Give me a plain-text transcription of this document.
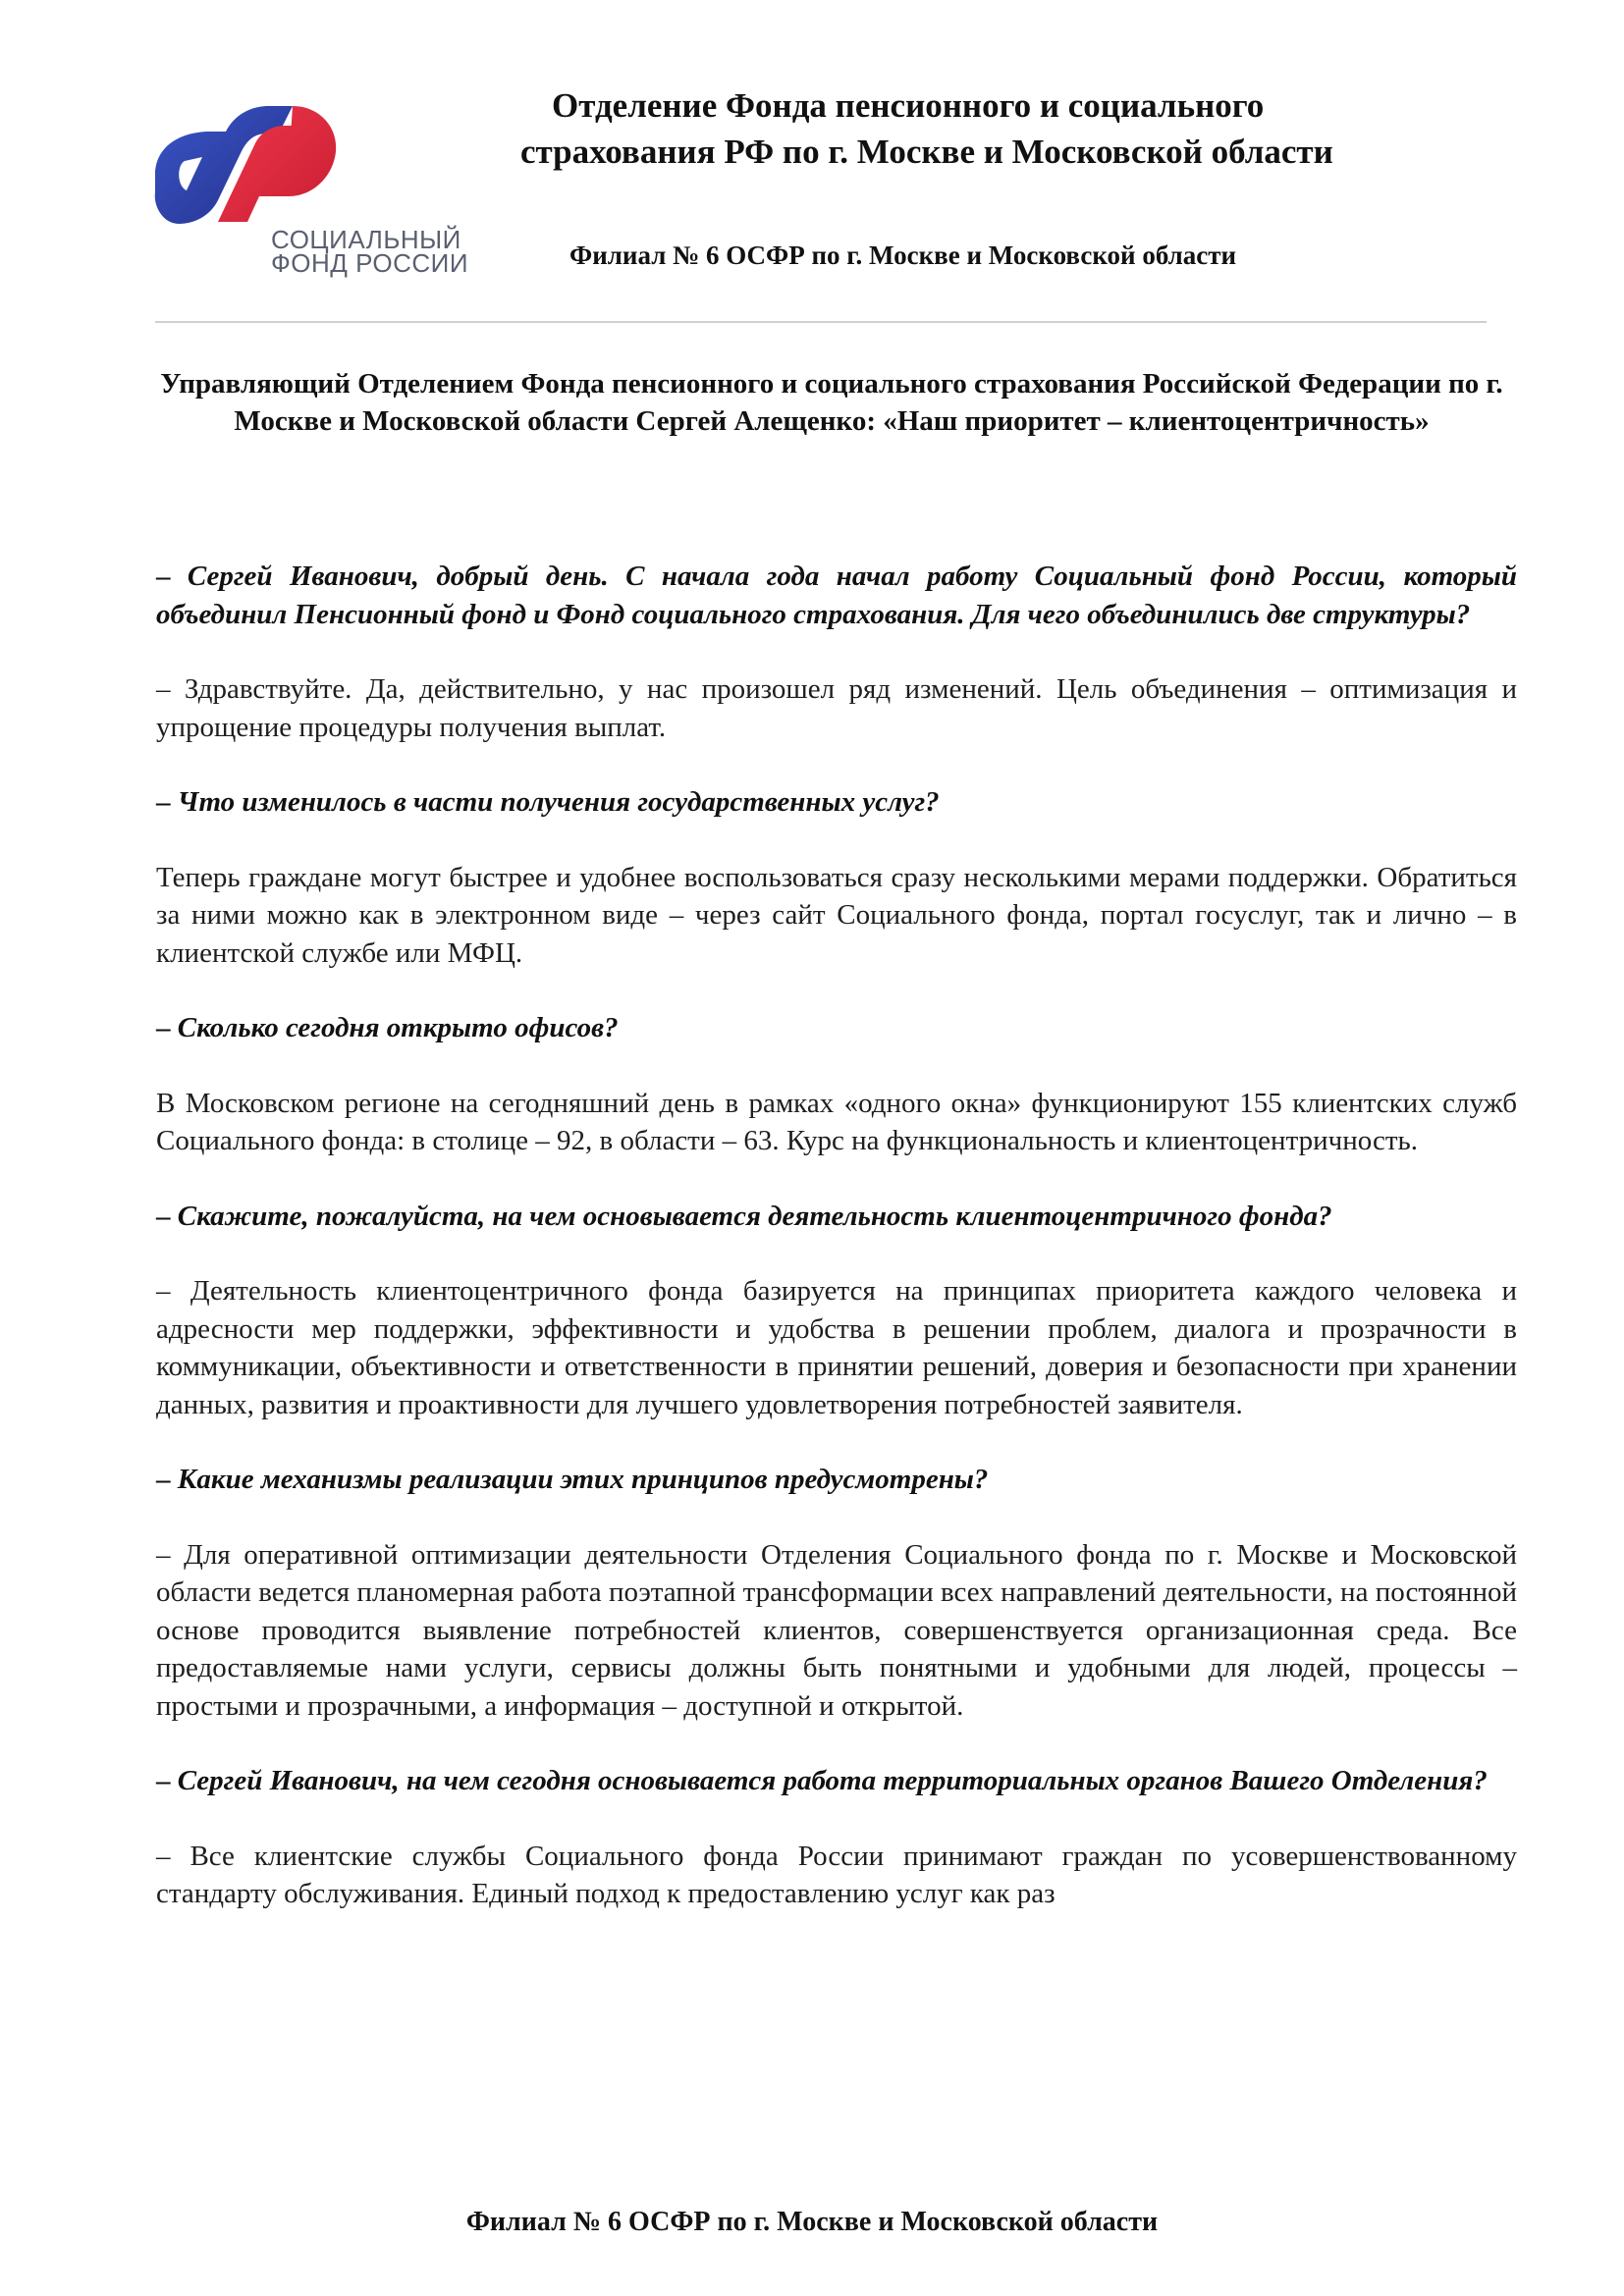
СОЦИАЛЬНЫЙ
ФОНД РОССИИ
Отделение Фонда пенсионного и социального
страхования РФ по г. Москве и Московской области
Филиал № 6 ОСФР по г. Москве и Московской области
Управляющий Отделением Фонда пенсионного и социального страхования Российской Федерации по г. Москве и Московской области Сергей Алещенко: «Наш приоритет – клиентоцентричность»

– Сергей Иванович, добрый день. С начала года начал работу Социальный фонд России, который объединил Пенсионный фонд и Фонд социального страхования. Для чего объединились две структуры?

– Здравствуйте. Да, действительно, у нас произошел ряд изменений. Цель объединения – оптимизация и упрощение процедуры получения выплат.

– Что изменилось в части получения государственных услуг?

Теперь граждане могут быстрее и удобнее воспользоваться сразу несколькими мерами поддержки. Обратиться за ними можно как в электронном виде – через сайт Социального фонда, портал госуслуг, так и лично – в клиентской службе или МФЦ.

– Сколько сегодня открыто офисов?

В Московском регионе на сегодняшний день в рамках «одного окна» функционируют 155 клиентских служб Социального фонда: в столице – 92, в области – 63. Курс на функциональность и клиентоцентричность.

– Скажите, пожалуйста, на чем основывается деятельность клиентоцентричного фонда?

– Деятельность клиентоцентричного фонда базируется на принципах приоритета каждого человека и адресности мер поддержки, эффективности и удобства в решении проблем, диалога и прозрачности в коммуникации, объективности и ответственности в принятии решений, доверия и безопасности при хранении данных, развития и проактивности для лучшего удовлетворения потребностей заявителя.

– Какие механизмы реализации этих принципов предусмотрены?

– Для оперативной оптимизации деятельности Отделения Социального фонда по г. Москве и Московской области ведется планомерная работа поэтапной трансформации всех направлений деятельности, на постоянной основе проводится выявление потребностей клиентов, совершенствуется организационная среда. Все предоставляемые нами услуги, сервисы должны быть понятными и удобными для людей, процессы – простыми и прозрачными, а информация – доступной и открытой.

– Сергей Иванович, на чем сегодня основывается работа территориальных органов Вашего Отделения?

– Все клиентские службы Социального фонда России принимают граждан по усовершенствованному стандарту обслуживания. Единый подход к предоставлению услуг как раз

Филиал № 6 ОСФР по г. Москве и Московской области
